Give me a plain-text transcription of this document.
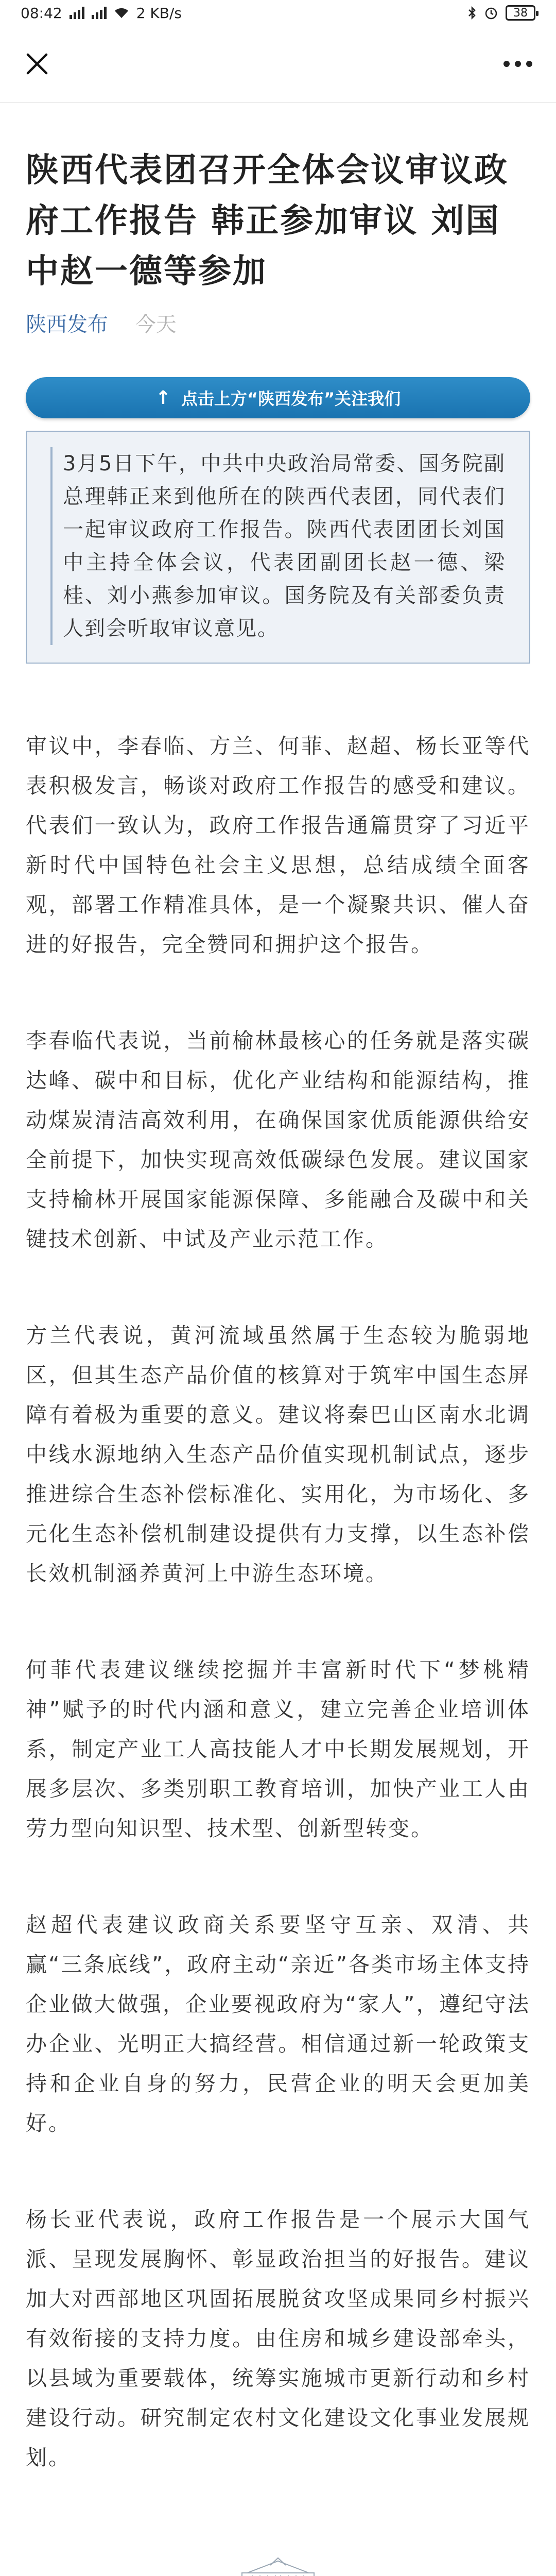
08:42	2 KB/s	38
陕西代表团召开全体会议审议政府工作报告 韩正参加审议 刘国中赵一德等参加
陕西发布 今天
↑ 点击上方“陕西发布”关注我们
3月5日下午，中共中央政治局常委、国务院副总理韩正来到他所在的陕西代表团，同代表们一起审议政府工作报告。陕西代表团团长刘国中主持全体会议，代表团副团长赵一德、梁桂、刘小燕参加审议。国务院及有关部委负责人到会听取审议意见。

审议中，李春临、方兰、何菲、赵超、杨长亚等代表积极发言，畅谈对政府工作报告的感受和建议。代表们一致认为，政府工作报告通篇贯穿了习近平新时代中国特色社会主义思想，总结成绩全面客观，部署工作精准具体，是一个凝聚共识、催人奋进的好报告，完全赞同和拥护这个报告。

李春临代表说，当前榆林最核心的任务就是落实碳达峰、碳中和目标，优化产业结构和能源结构，推动煤炭清洁高效利用，在确保国家优质能源供给安全前提下，加快实现高效低碳绿色发展。建议国家支持榆林开展国家能源保障、多能融合及碳中和关键技术创新、中试及产业示范工作。

方兰代表说，黄河流域虽然属于生态较为脆弱地区，但其生态产品价值的核算对于筑牢中国生态屏障有着极为重要的意义。建议将秦巴山区南水北调中线水源地纳入生态产品价值实现机制试点，逐步推进综合生态补偿标准化、实用化，为市场化、多元化生态补偿机制建设提供有力支撑，以生态补偿长效机制涵养黄河上中游生态环境。

何菲代表建议继续挖掘并丰富新时代下“梦桃精神”赋予的时代内涵和意义，建立完善企业培训体系，制定产业工人高技能人才中长期发展规划，开展多层次、多类别职工教育培训，加快产业工人由劳力型向知识型、技术型、创新型转变。

赵超代表建议政商关系要坚守互亲、双清、共赢“三条底线”，政府主动“亲近”各类市场主体支持企业做大做强，企业要视政府为“家人”，遵纪守法办企业、光明正大搞经营。相信通过新一轮政策支持和企业自身的努力，民营企业的明天会更加美好。

杨长亚代表说，政府工作报告是一个展示大国气派、呈现发展胸怀、彰显政治担当的好报告。建议加大对西部地区巩固拓展脱贫攻坚成果同乡村振兴有效衔接的支持力度。由住房和城乡建设部牵头，以县域为重要载体，统筹实施城市更新行动和乡村建设行动。研究制定农村文化建设文化事业发展规划。
